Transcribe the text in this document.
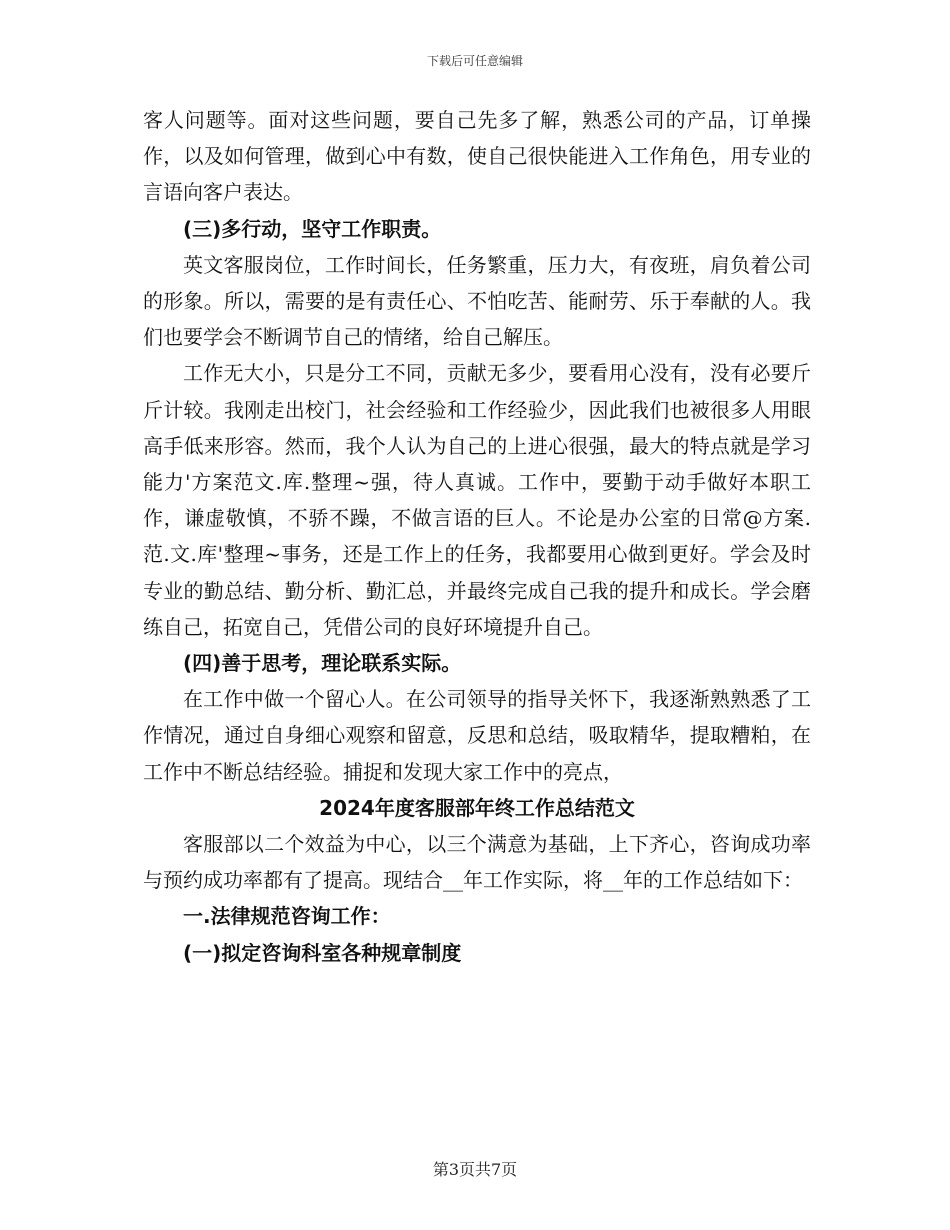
下载后可任意编辑

客人问题等。面对这些问题，要自己先多了解，熟悉公司的产品，订单操作，以及如何管理，做到心中有数，使自己很快能进入工作角色，用专业的言语向客户表达。

(三)多行动，坚守工作职责。

英文客服岗位，工作时间长，任务繁重，压力大，有夜班，肩负着公司的形象。所以，需要的是有责任心、不怕吃苦、能耐劳、乐于奉献的人。我们也要学会不断调节自己的情绪，给自己解压。

工作无大小，只是分工不同，贡献无多少，要看用心没有，没有必要斤斤计较。我刚走出校门，社会经验和工作经验少，因此我们也被很多人用眼高手低来形容。然而，我个人认为自己的上进心很强，最大的特点就是学习能力'方案范文.库.整理~强，待人真诚。工作中，要勤于动手做好本职工作，谦虚敬慎，不骄不躁，不做言语的巨人。不论是办公室的日常@方案.范.文.库'整理~事务，还是工作上的任务，我都要用心做到更好。学会及时专业的勤总结、勤分析、勤汇总，并最终完成自己我的提升和成长。学会磨练自己，拓宽自己，凭借公司的良好环境提升自己。

(四)善于思考，理论联系实际。

在工作中做一个留心人。在公司领导的指导关怀下，我逐渐熟熟悉了工作情况，通过自身细心观察和留意，反思和总结，吸取精华，提取糟粕，在工作中不断总结经验。捕捉和发现大家工作中的亮点，

2024年度客服部年终工作总结范文

客服部以二个效益为中心，以三个满意为基础，上下齐心，咨询成功率与预约成功率都有了提高。现结合__年工作实际，将__年的工作总结如下：

一.法律规范咨询工作：

(一)拟定咨询科室各种规章制度

第3页共7页
